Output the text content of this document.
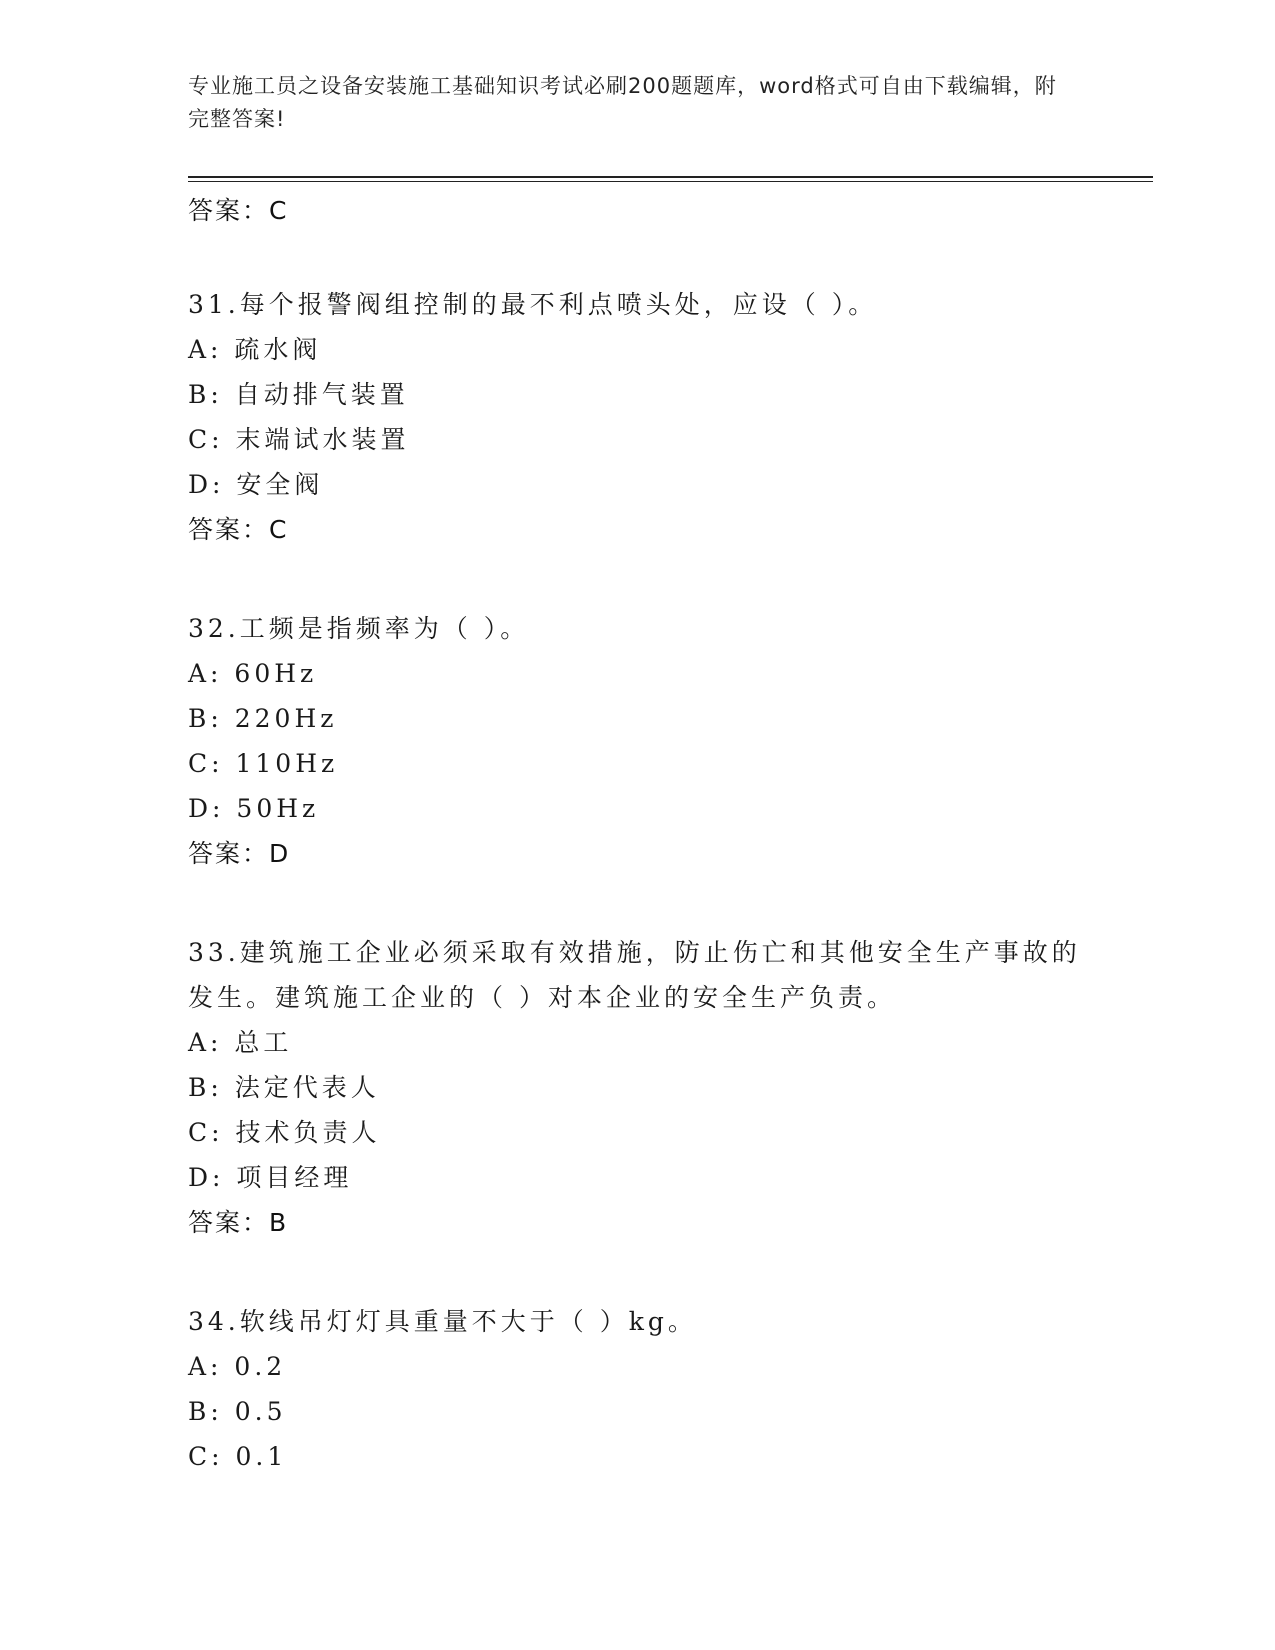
专业施工员之设备安装施工基础知识考试必刷200题题库，word格式可自由下载编辑，附完整答案!

答案：C

31.每个报警阀组控制的最不利点喷头处，应设（ ）。

A: 疏水阀

B: 自动排气装置

C: 末端试水装置

D: 安全阀

答案：C

32.工频是指频率为（ ）。

A: 60Hz

B: 220Hz

C: 110Hz

D: 50Hz

答案：D

33.建筑施工企业必须采取有效措施，防止伤亡和其他安全生产事故的发生。建筑施工企业的（ ）对本企业的安全生产负责。

A: 总工

B: 法定代表人

C: 技术负责人

D: 项目经理

答案：B

34.软线吊灯灯具重量不大于（ ）kg。

A: 0.2

B: 0.5

C: 0.1
